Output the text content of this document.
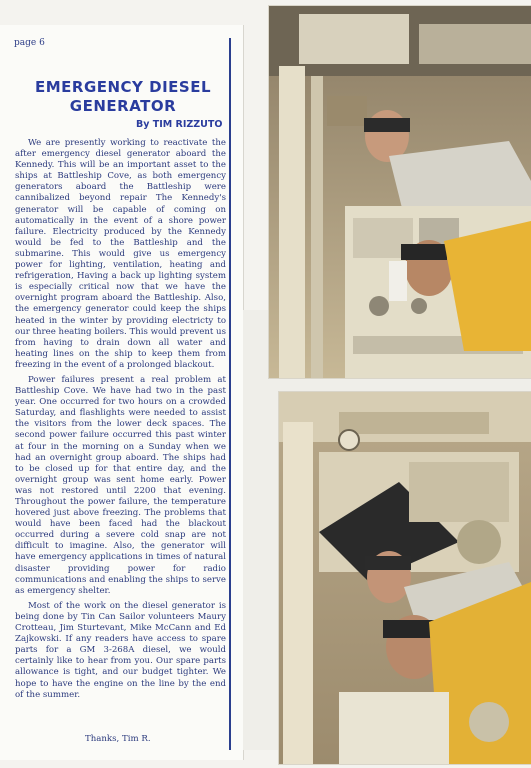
page 6
EMERGENCY DIESEL
GENERATOR
By TIM RIZZUTO

We are presently working to reactivate the after emergency diesel generator aboard the Kennedy. This will be an important asset to the ships at Battleship Cove, as both emergency generators aboard the Battleship were cannibalized beyond repair The Kennedy's generator will be capable of coming on automatically in the event of a shore power failure. Electricity produced by the Kennedy would be fed to the Battleship and the submarine. This would give us emergency power for lighting, ventilation, heating and refrigeration, Having a back up lighting system is especially critical now that we have the overnight program aboard the Battleship. Also, the emergency generator could keep the ships heated in the winter by providing electricty to our three heating boilers. This would prevent us from having to drain down all water and heating lines on the ship to keep them from freezing in the event of a prolonged blackout.

Power failures present a real problem at Battleship Cove. We have had two in the past year. One occurred for two hours on a crowded Saturday, and flashlights were needed to assist the visitors from the lower deck spaces. The second power failure occurred this past winter at four in the morning on a Sunday when we had an overnight group aboard. The ships had to be closed up for that entire day, and the overnight group was sent home early. Power was not restored until 2200 that evening. Throughout the power failure, the temperature hovered just above freezing. The problems that would have been faced had the blackout occurred during a severe cold snap are not difficult to imagine. Also, the generator will have emergency applications in times of natural disaster providing power for radio communications and enabling the ships to serve as emergency shelter.

Most of the work on the diesel generator is being done by Tin Can Sailor volunteers Maury Crotteau, Jim Sturtevant, Mike McCann and Ed Zajkowski. If any readers have access to spare parts for a GM 3-268A diesel, we would certainly like to hear from you. Our spare parts allowance is tight, and our budget tighter. We hope to have the engine on the line by the end of the summer.

Thanks, Tim R.
